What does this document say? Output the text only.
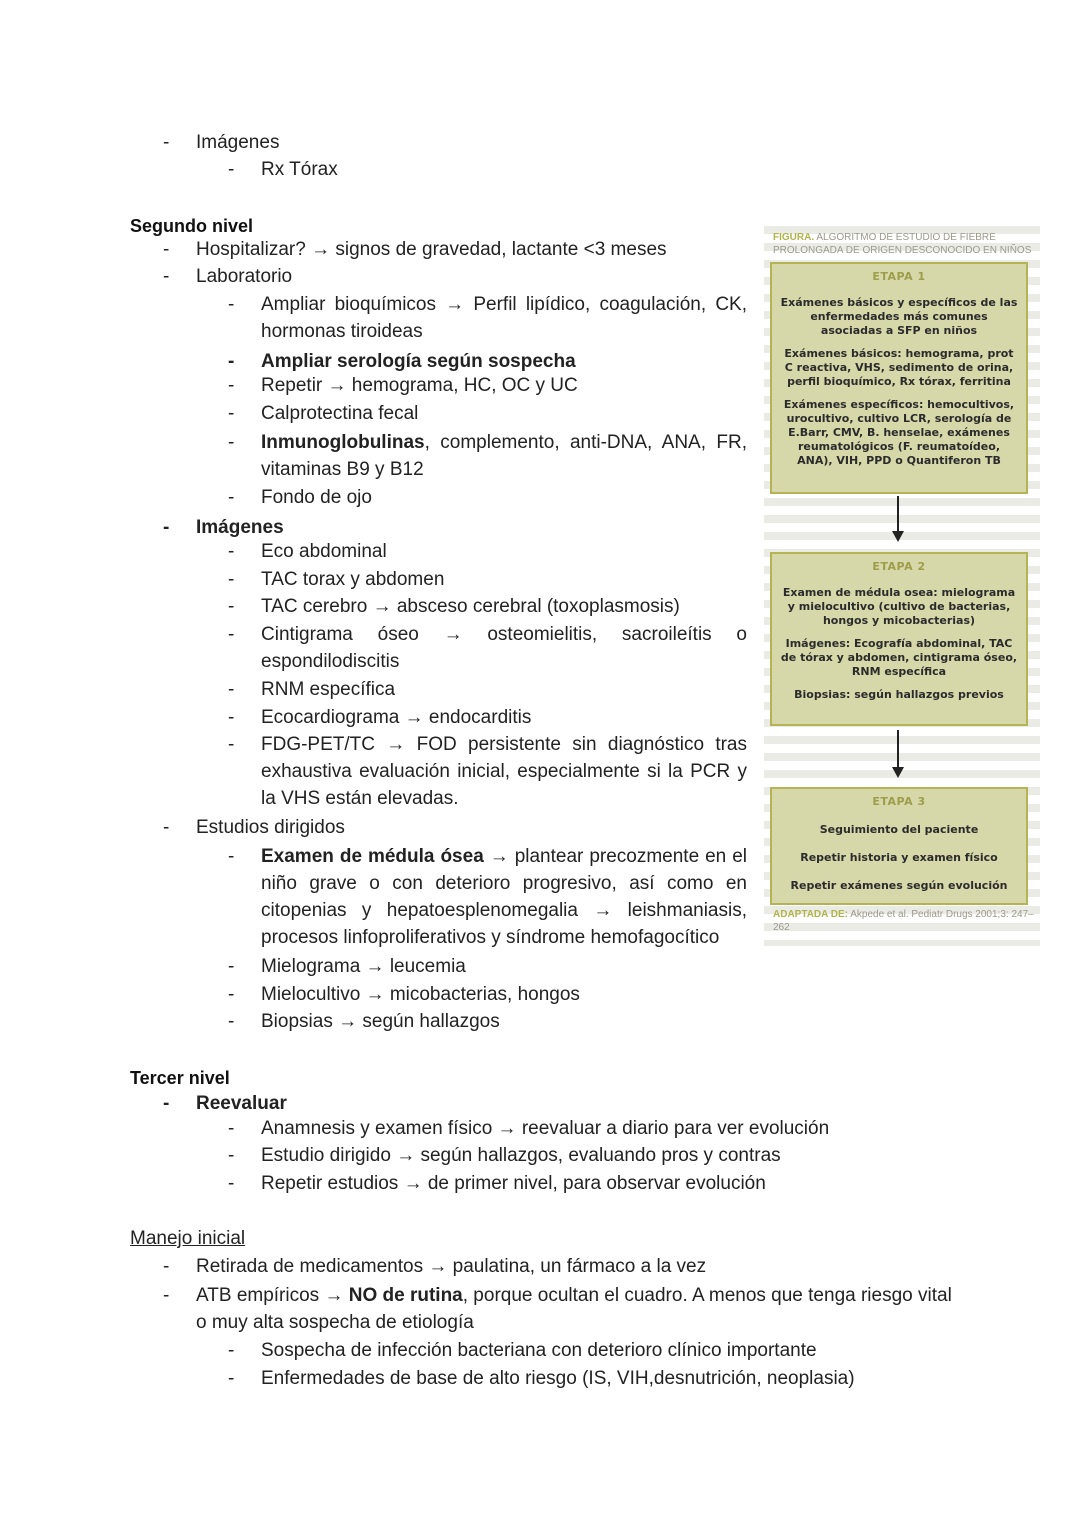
- Imágenes
- Rx Tórax
Segundo nivel
- Hospitalizar? → signos de gravedad, lactante <3 meses
- Laboratorio
- Ampliar bioquímicos → Perfil lipídico, coagulación, CK, hormonas tiroideas
- Ampliar serología según sospecha
- Repetir → hemograma, HC, OC y UC
- Calprotectina fecal
- Inmunoglobulinas, complemento, anti-DNA, ANA, FR, vitaminas B9 y B12
- Fondo de ojo
- Imágenes
- Eco abdominal
- TAC torax y abdomen
- TAC cerebro → absceso cerebral (toxoplasmosis)
- Cintigrama óseo → osteomielitis, sacroileítis o espondilodiscitis
- RNM específica
- Ecocardiograma → endocarditis
- FDG-PET/TC → FOD persistente sin diagnóstico tras exhaustiva evaluación inicial, especialmente si la PCR y la VHS están elevadas.
- Estudios dirigidos
- Examen de médula ósea → plantear precozmente en el niño grave o con deterioro progresivo, así como en citopenias y hepatoesplenomegalia → leishmaniasis, procesos linfoproliferativos y síndrome hemofagocítico
- Mielograma → leucemia
- Mielocultivo → micobacterias, hongos
- Biopsias → según hallazgos
Tercer nivel
- Reevaluar
- Anamnesis y examen físico → reevaluar a diario para ver evolución
- Estudio dirigido → según hallazgos, evaluando pros y contras
- Repetir estudios → de primer nivel, para observar evolución
Manejo inicial
- Retirada de medicamentos → paulatina, un fármaco a la vez
- ATB empíricos → NO de rutina, porque ocultan el cuadro. A menos que tenga riesgo vital o muy alta sospecha de etiología
- Sospecha de infección bacteriana con deterioro clínico importante
- Enfermedades de base de alto riesgo (IS, VIH,desnutrición, neoplasia)
FIGURA. ALGORITMO DE ESTUDIO DE FIEBRE PROLONGADA DE ORIGEN DESCONOCIDO EN NIÑOS
ETAPA 1

Exámenes básicos y específicos de las enfermedades más comunes asociadas a SFP en niños

Exámenes básicos: hemograma, prot C reactiva, VHS, sedimento de orina, perfil bioquímico, Rx tórax, ferritina

Exámenes específicos: hemocultivos, urocultivo, cultivo LCR, serología de E.Barr, CMV, B. henselae, exámenes reumatológicos (F. reumatoídeo, ANA), VIH, PPD o Quantiferon TB

ETAPA 2

Examen de médula osea: mielograma y mielocultivo (cultivo de bacterias, hongos y micobacterias)

Imágenes: Ecografía abdominal, TAC de tórax y abdomen, cintigrama óseo, RNM específica

Biopsias: según hallazgos previos

ETAPA 3

Seguimiento del paciente

Repetir historia y examen físico

Repetir exámenes según evolución

ADAPTADA DE: Akpede et al. Pediatr Drugs 2001;3: 247–262
